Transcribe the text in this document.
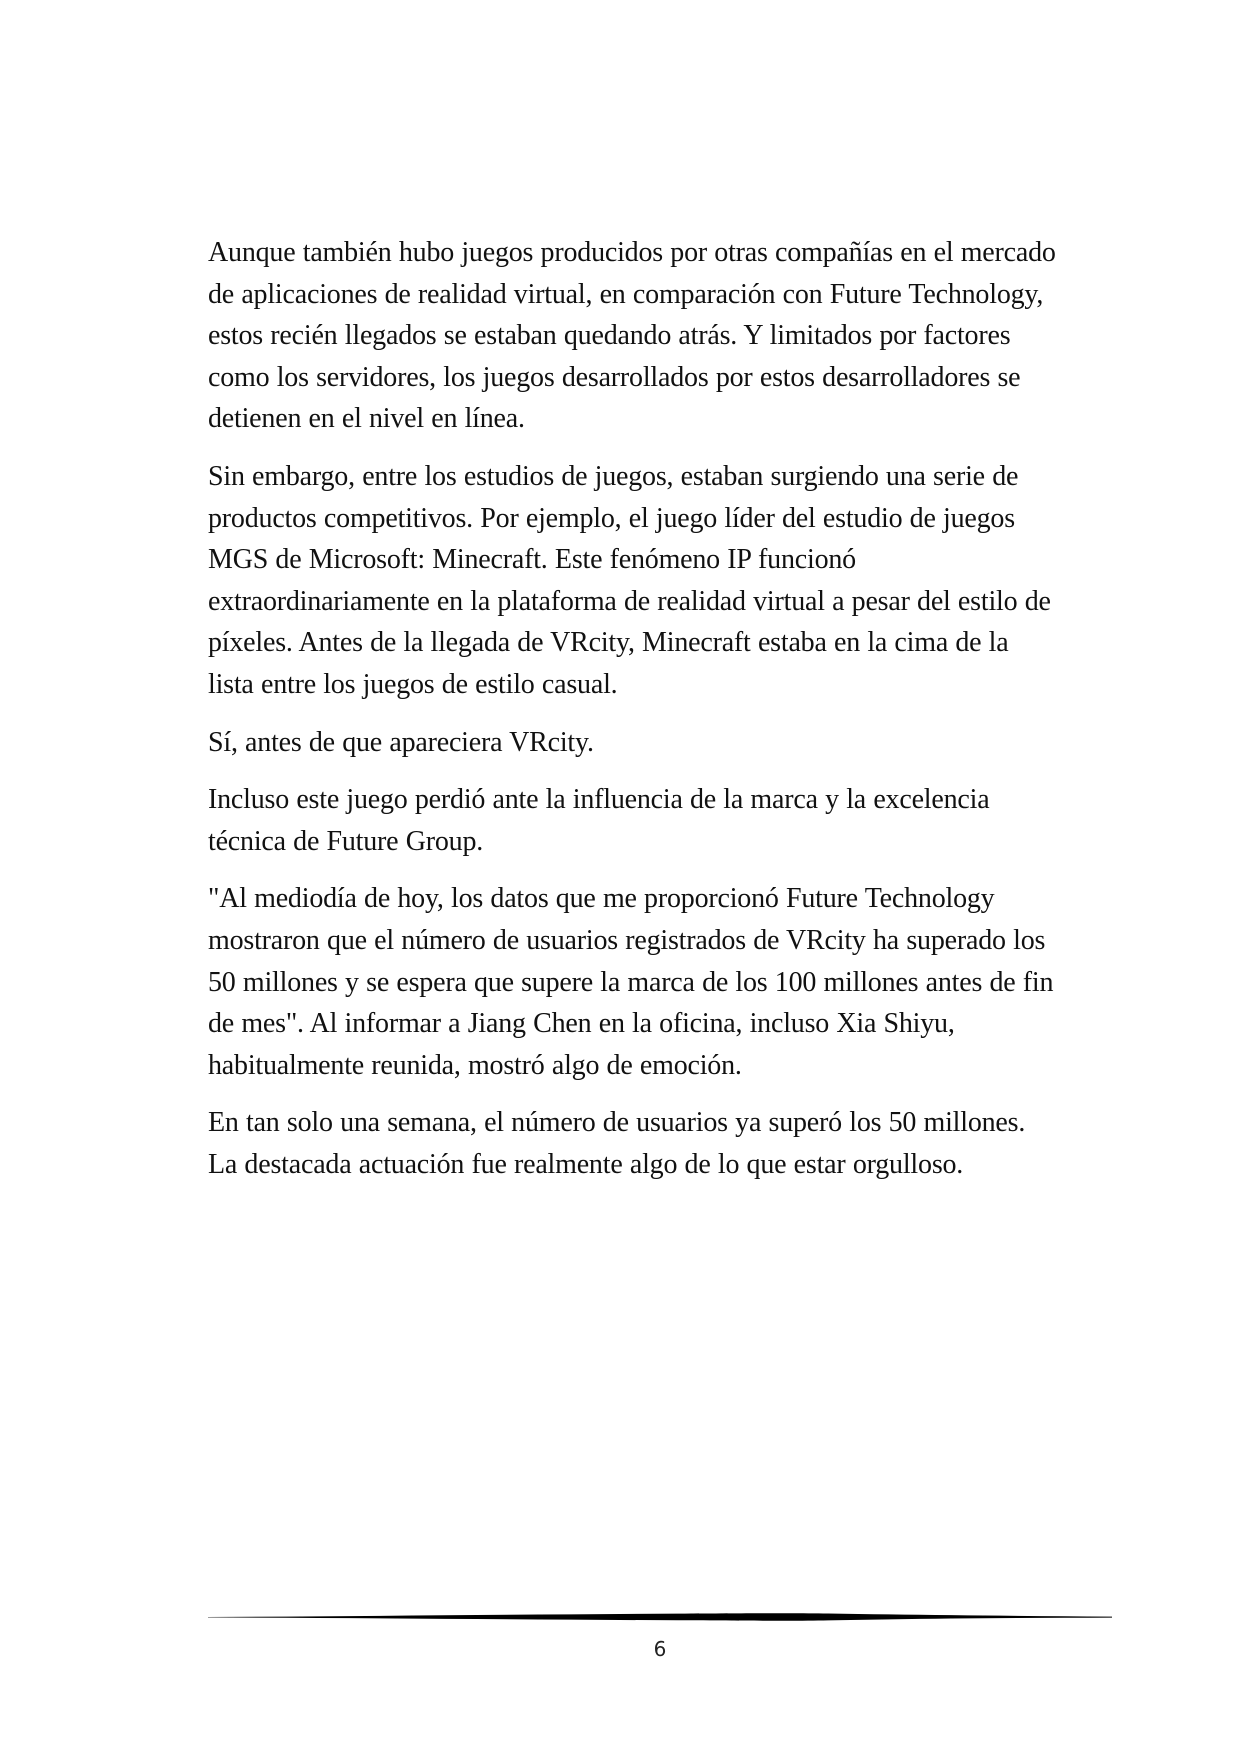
Aunque también hubo juegos producidos por otras compañías en el mercado de aplicaciones de realidad virtual, en comparación con Future Technology, estos recién llegados se estaban quedando atrás. Y limitados por factores como los servidores, los juegos desarrollados por estos desarrolladores se detienen en el nivel en línea.

Sin embargo, entre los estudios de juegos, estaban surgiendo una serie de productos competitivos. Por ejemplo, el juego líder del estudio de juegos MGS de Microsoft: Minecraft. Este fenómeno IP funcionó extraordinariamente en la plataforma de realidad virtual a pesar del estilo de píxeles. Antes de la llegada de VRcity, Minecraft estaba en la cima de la lista entre los juegos de estilo casual.

Sí, antes de que apareciera VRcity.

Incluso este juego perdió ante la influencia de la marca y la excelencia técnica de Future Group.

"Al mediodía de hoy, los datos que me proporcionó Future Technology mostraron que el número de usuarios registrados de VRcity ha superado los 50 millones y se espera que supere la marca de los 100 millones antes de fin de mes". Al informar a Jiang Chen en la oficina, incluso Xia Shiyu, habitualmente reunida, mostró algo de emoción.

En tan solo una semana, el número de usuarios ya superó los 50 millones. La destacada actuación fue realmente algo de lo que estar orgulloso.

6
